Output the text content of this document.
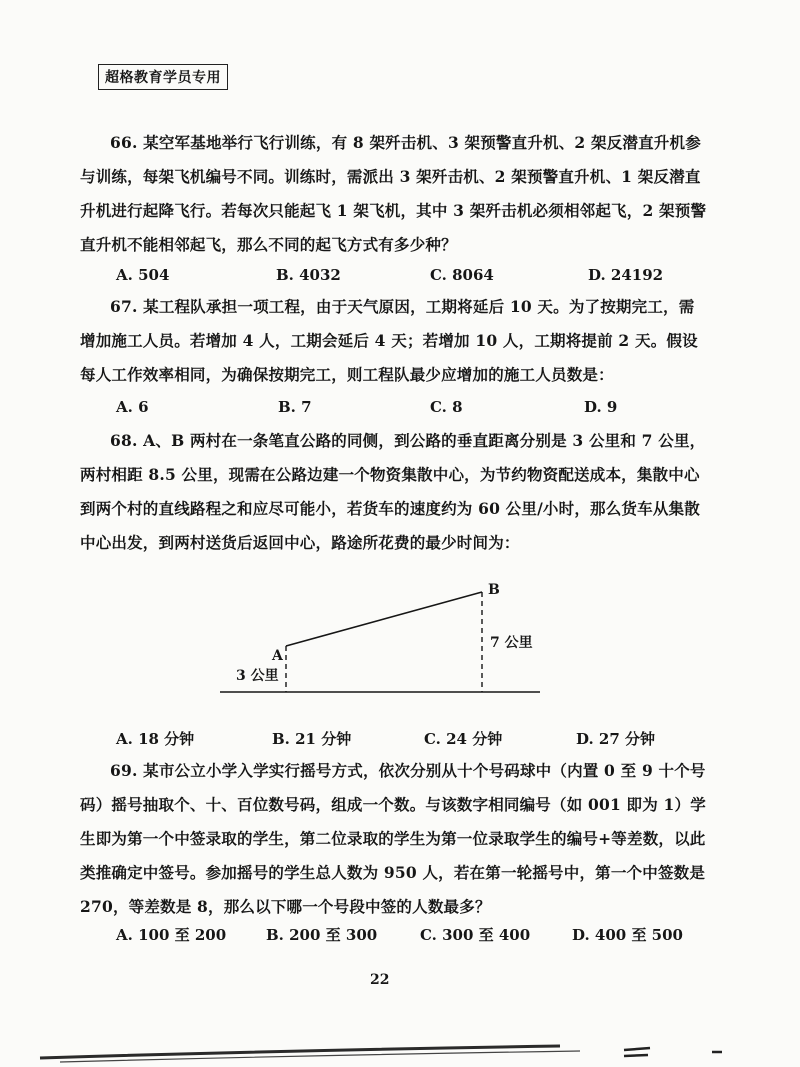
超格教育学员专用
66. 某空军基地举行飞行训练，有 8 架歼击机、3 架预警直升机、2 架反潜直升机参与训练，每架飞机编号不同。训练时，需派出 3 架歼击机、2 架预警直升机、1 架反潜直升机进行起降飞行。若每次只能起飞 1 架飞机，其中 3 架歼击机必须相邻起飞，2 架预警直升机不能相邻起飞，那么不同的起飞方式有多少种？
A. 504	B. 4032	C. 8064	D. 24192
67. 某工程队承担一项工程，由于天气原因，工期将延后 10 天。为了按期完工，需增加施工人员。若增加 4 人，工期会延后 4 天；若增加 10 人，工期将提前 2 天。假设每人工作效率相同，为确保按期完工，则工程队最少应增加的施工人员数是：
A. 6	B. 7	C. 8	D. 9
68. A、B 两村在一条笔直公路的同侧，到公路的垂直距离分别是 3 公里和 7 公里，两村相距 8.5 公里，现需在公路边建一个物资集散中心，为节约物资配送成本，集散中心到两个村的直线路程之和应尽可能小，若货车的速度约为 60 公里/小时，那么货车从集散中心出发，到两村送货后返回中心，路途所花费的最少时间为：
A
B
3 公里
7 公里
A. 18 分钟	B. 21 分钟	C. 24 分钟	D. 27 分钟
69. 某市公立小学入学实行摇号方式，依次分别从十个号码球中（内置 0 至 9 十个号码）摇号抽取个、十、百位数号码，组成一个数。与该数字相同编号（如 001 即为 1）学生即为第一个中签录取的学生，第二位录取的学生为第一位录取学生的编号+等差数，以此类推确定中签号。参加摇号的学生总人数为 950 人，若在第一轮摇号中，第一个中签数是 270，等差数是 8，那么以下哪一个号段中签的人数最多？
A. 100 至 200	B. 200 至 300	C. 300 至 400	D. 400 至 500
22
